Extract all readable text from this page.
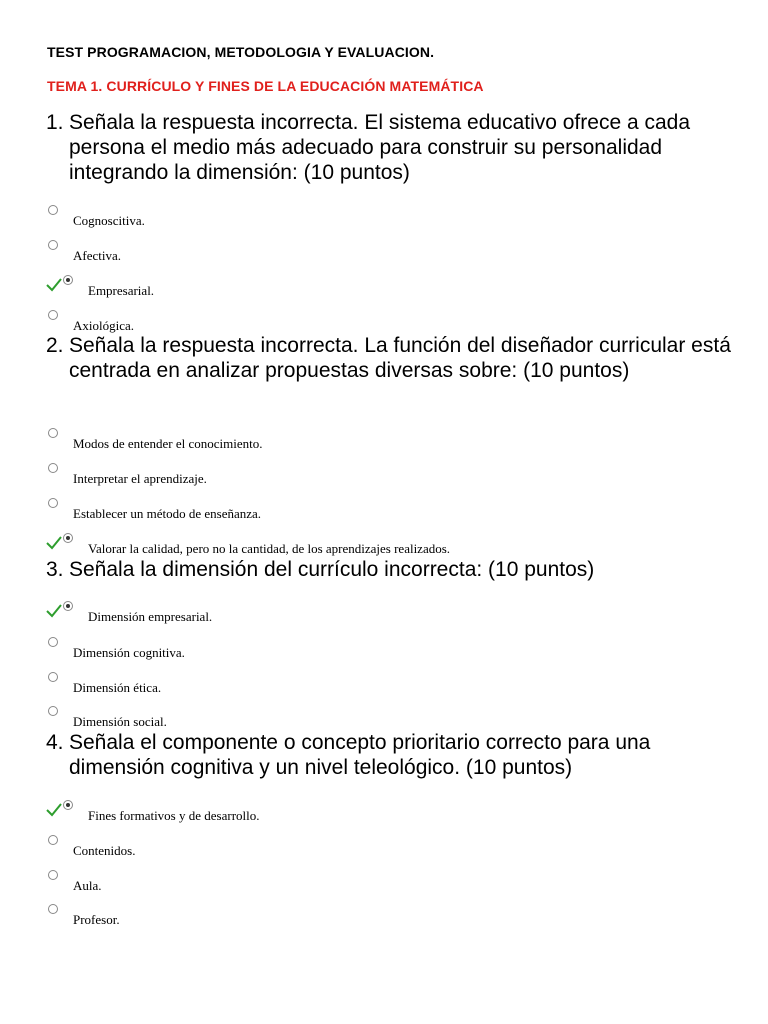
TEST PROGRAMACION, METODOLOGIA Y EVALUACION.
TEMA 1. CURRÍCULO Y FINES DE LA EDUCACIÓN MATEMÁTICA
1. Señala la respuesta incorrecta. El sistema educativo ofrece a cada persona el medio más adecuado para construir su personalidad integrando la dimensión: (10 puntos)
Cognoscitiva.
Afectiva.
Empresarial.
Axiológica.
2. Señala la respuesta incorrecta. La función del diseñador curricular está centrada en analizar propuestas diversas sobre: (10 puntos)
Modos de entender el conocimiento.
Interpretar el aprendizaje.
Establecer un método de enseñanza.
Valorar la calidad, pero no la cantidad, de los aprendizajes realizados.
3. Señala la dimensión del currículo incorrecta: (10 puntos)
Dimensión empresarial.
Dimensión cognitiva.
Dimensión ética.
Dimensión social.
4. Señala el componente o concepto prioritario correcto para una dimensión cognitiva y un nivel teleológico. (10 puntos)
Fines formativos y de desarrollo.
Contenidos.
Aula.
Profesor.
